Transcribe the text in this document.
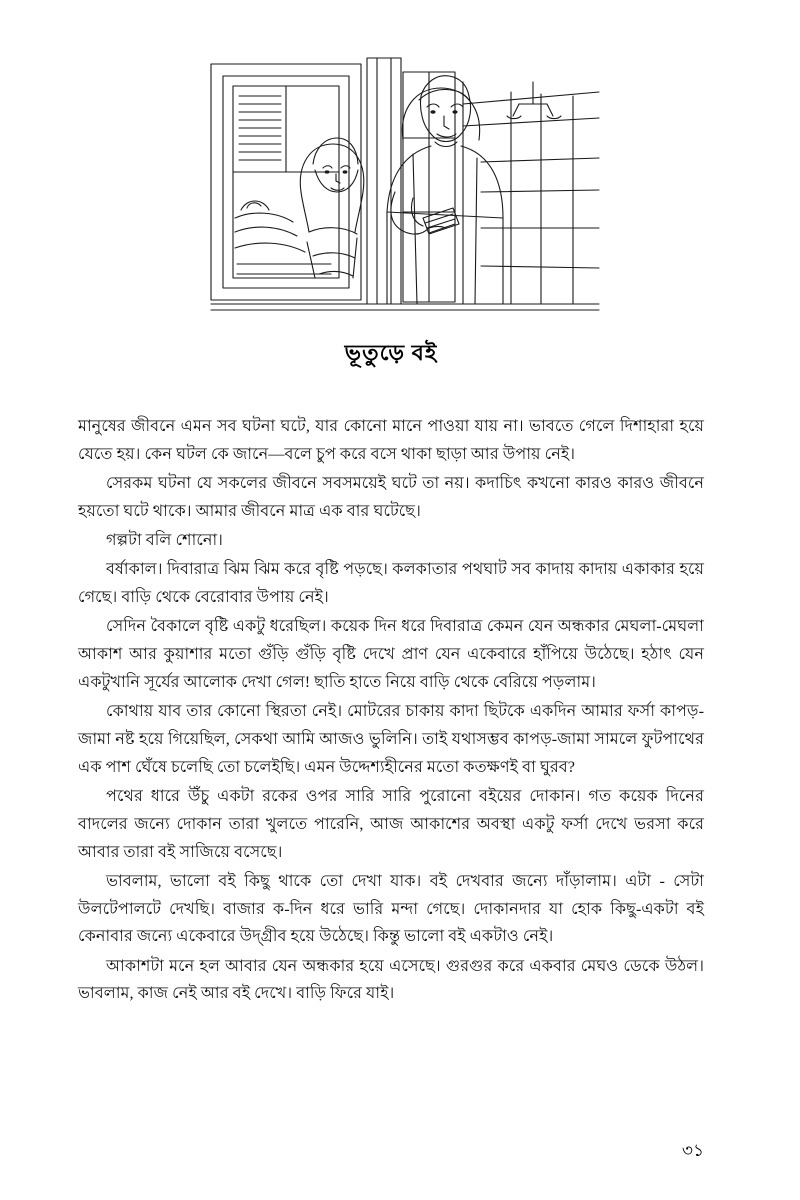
ভূতুড়ে বই

মানুষের জীবনে এমন সব ঘটনা ঘটে, যার কোনো মানে পাওয়া যায় না। ভাবতে গেলে দিশাহারা হয়ে যেতে হয়। কেন ঘটল কে জানে—বলে চুপ করে বসে থাকা ছাড়া আর উপায় নেই।

সেরকম ঘটনা যে সকলের জীবনে সবসময়েই ঘটে তা নয়। কদাচিৎ কখনো কারও কারও জীবনে হয়তো ঘটে থাকে। আমার জীবনে মাত্র এক বার ঘটেছে।

গল্পটা বলি শোনো।

বর্ষাকাল। দিবারাত্র ঝিম ঝিম করে বৃষ্টি পড়ছে। কলকাতার পথঘাট সব কাদায় কাদায় একাকার হয়ে গেছে। বাড়ি থেকে বেরোবার উপায় নেই।

সেদিন বৈকালে বৃষ্টি একটু ধরেছিল। কয়েক দিন ধরে দিবারাত্র কেমন যেন অন্ধকার মেঘলা-মেঘলা আকাশ আর কুয়াশার মতো গুঁড়ি গুঁড়ি বৃষ্টি দেখে প্রাণ যেন একেবারে হাঁপিয়ে উঠেছে। হঠাৎ যেন একটুখানি সূর্যের আলোক দেখা গেল! ছাতি হাতে নিয়ে বাড়ি থেকে বেরিয়ে পড়লাম।

কোথায় যাব তার কোনো স্থিরতা নেই। মোটরের চাকায় কাদা ছিটকে একদিন আমার ফর্সা কাপড়-জামা নষ্ট হয়ে গিয়েছিল, সেকথা আমি আজও ভুলিনি। তাই যথাসম্ভব কাপড়-জামা সামলে ফুটপাথের এক পাশ ঘেঁষে চলেছি তো চলেইছি। এমন উদ্দেশ্যহীনের মতো কতক্ষণই বা ঘুরব?

পথের ধারে উঁচু একটা রকের ওপর সারি সারি পুরোনো বইয়ের দোকান। গত কয়েক দিনের বাদলের জন্যে দোকান তারা খুলতে পারেনি, আজ আকাশের অবস্থা একটু ফর্সা দেখে ভরসা করে আবার তারা বই সাজিয়ে বসেছে।

ভাবলাম, ভালো বই কিছু থাকে তো দেখা যাক। বই দেখবার জন্যে দাঁড়ালাম। এটা - সেটা উলটেপালটে দেখছি। বাজার ক-দিন ধরে ভারি মন্দা গেছে। দোকানদার যা হোক কিছু-একটা বই কেনাবার জন্যে একেবারে উদ্‌গ্রীব হয়ে উঠেছে। কিন্তু ভালো বই একটাও নেই।

আকাশটা মনে হল আবার যেন অন্ধকার হয়ে এসেছে। গুরগুর করে একবার মেঘও ডেকে উঠল। ভাবলাম, কাজ নেই আর বই দেখে। বাড়ি ফিরে যাই।

৩১
